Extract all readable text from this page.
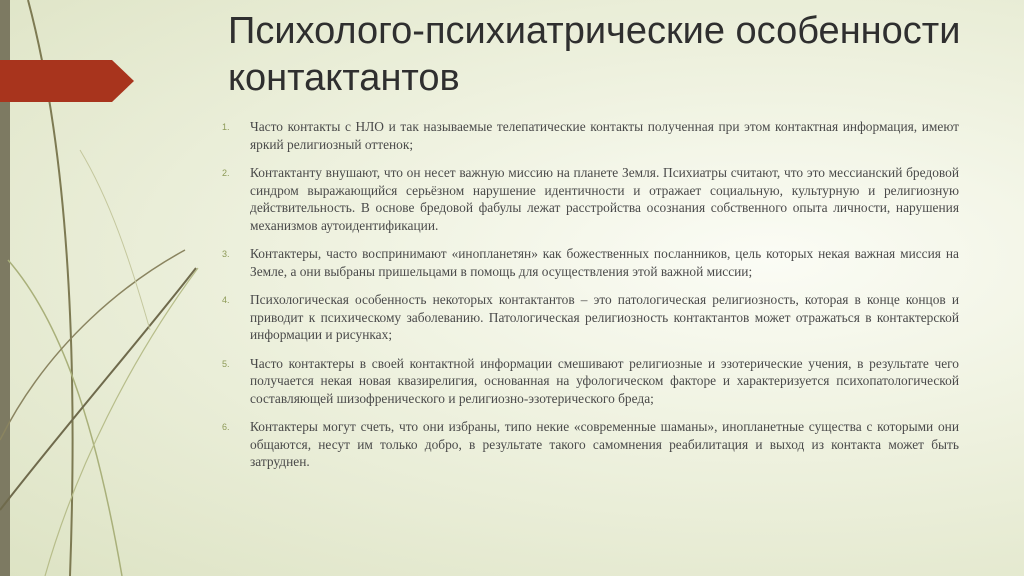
Психолого-психиатрические особенности контактантов
1.	Часто контакты с НЛО и так называемые телепатические контакты полученная при этом контактная информация, имеют яркий религиозный оттенок;
2.	Контактанту внушают, что он несет важную миссию на планете Земля. Психиатры считают, что это мессианский бредовой синдром выражающийся серьёзном нарушение идентичности и отражает социальную, культурную и религиозную действительность. В основе бредовой фабулы лежат расстройства осознания собственного опыта личности, нарушения механизмов аутоидентификации.
3.	Контактеры, часто воспринимают «инопланетян» как божественных посланников, цель которых некая важная миссия на Земле, а они выбраны пришельцами в помощь для осуществления этой важной миссии;
4.	Психологическая особенность некоторых контактантов – это патологическая религиозность, которая в конце концов и приводит к психическому заболеванию. Патологическая религиозность контактантов может отражаться в контактерской информации и рисунках;
5.	Часто контактеры в своей контактной информации смешивают религиозные и эзотерические учения, в результате чего получается некая новая квазирелигия, основанная на уфологическом факторе и характеризуется психопатологической составляющей шизофренического и религиозно-эзотерического бреда;
6.	Контактеры могут счеть, что они избраны, типо некие «современные шаманы», инопланетные существа с которыми они общаются, несут им только добро, в результате такого самомнения реабилитация и выход из контакта может быть затруднен.
